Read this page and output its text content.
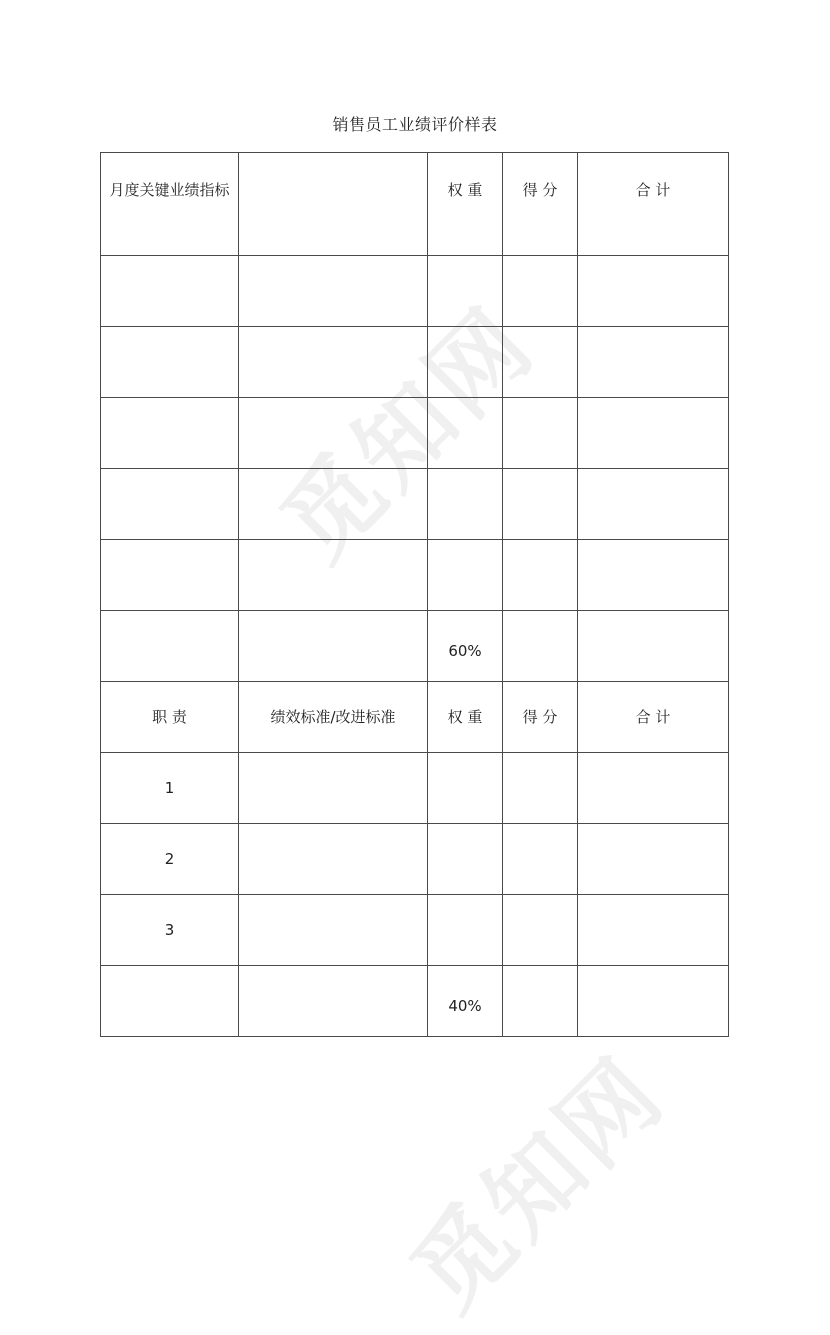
觅知网
觅知网
销售员工业绩评价样表
月度关键业绩指标		权 重	得 分	合 计

		60%		
职 责	绩效标准/改进标准	权 重	得 分	合 计
1				
2				
3				
		40%		
